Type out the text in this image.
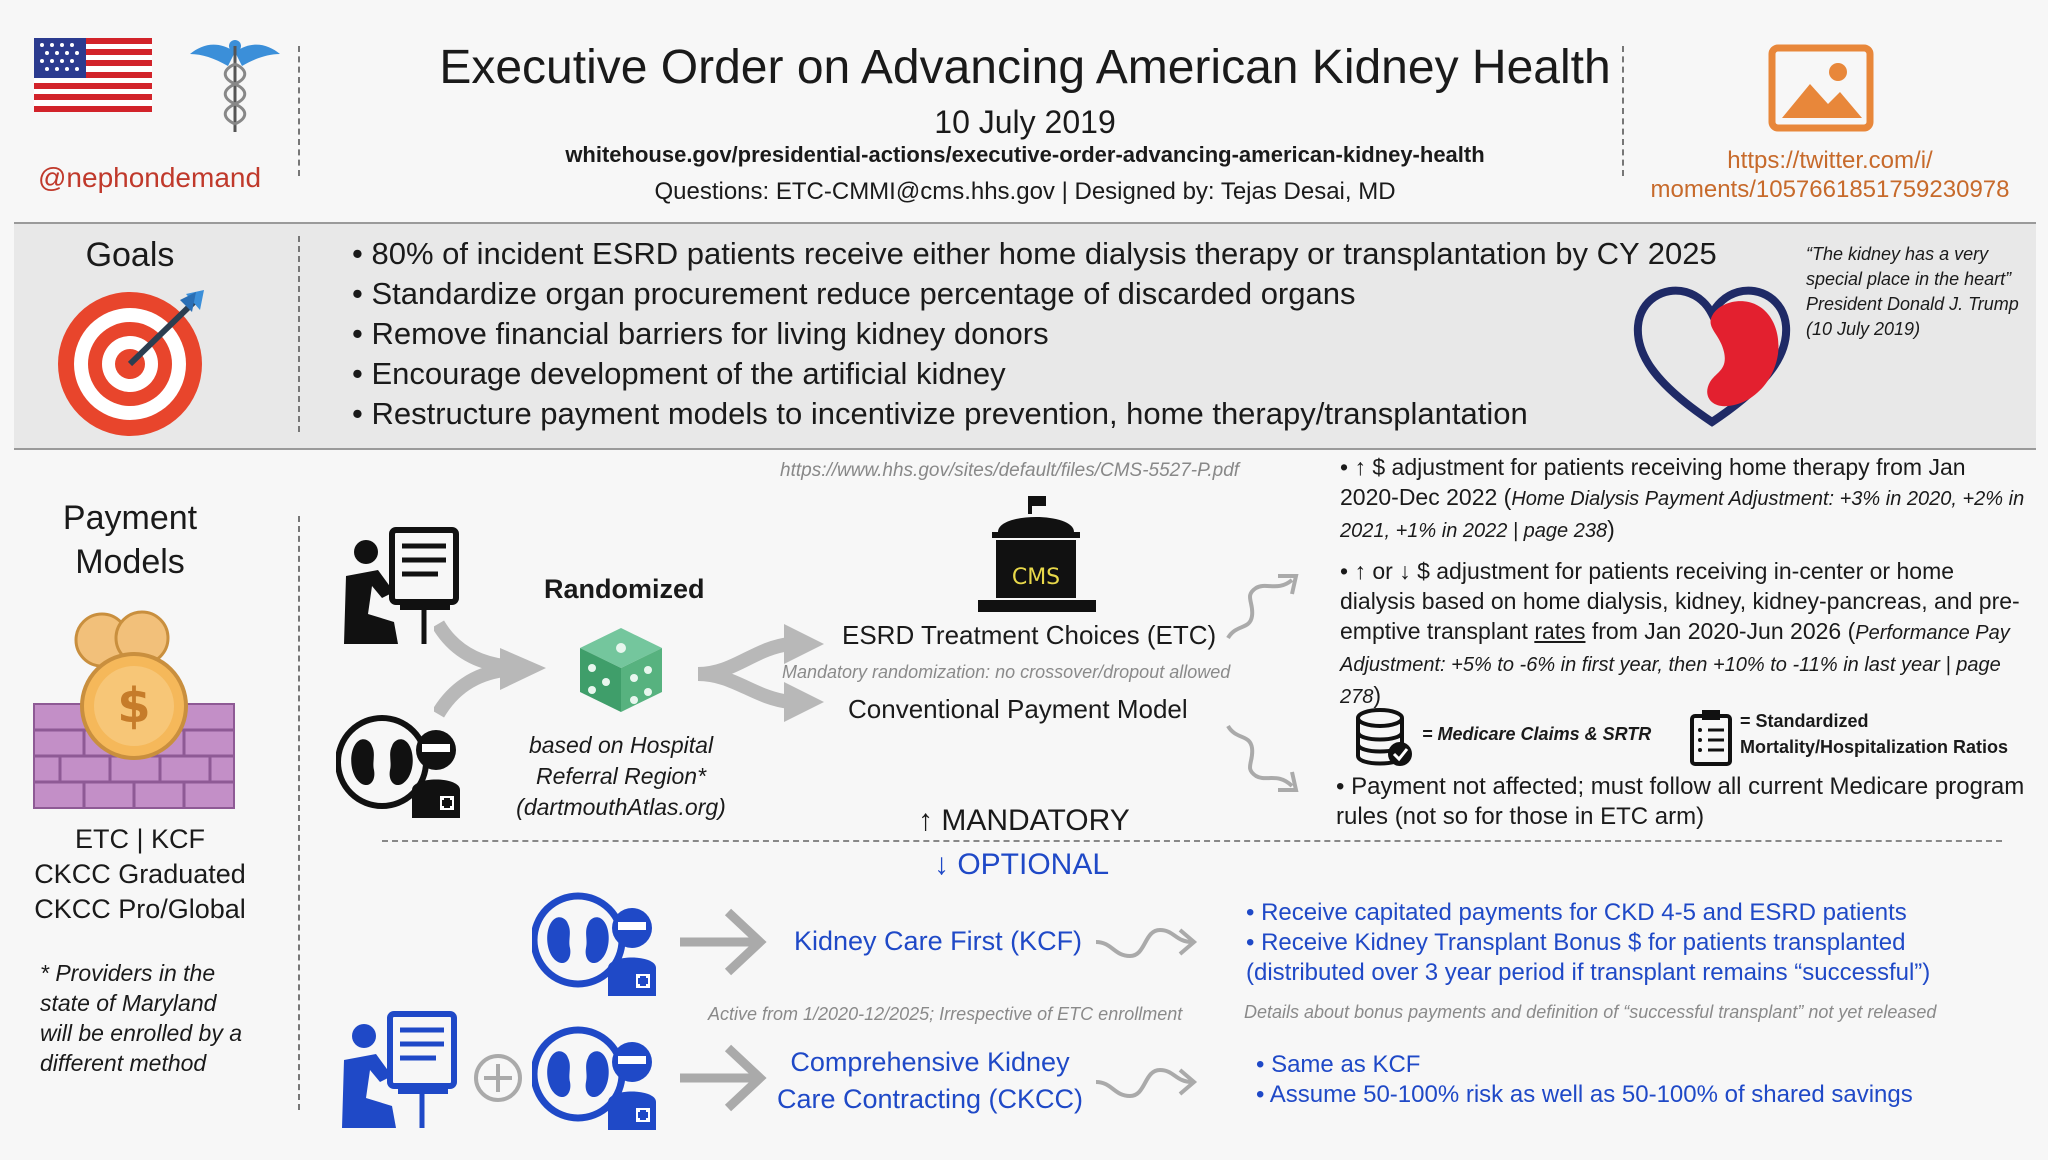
@nephondemand
Executive Order on Advancing American Kidney Health
10 July 2019
whitehouse.gov/presidential-actions/executive-order-advancing-american-kidney-health
Questions: ETC-CMMI@cms.hhs.gov | Designed by: Tejas Desai, MD
https://twitter.com/i/
moments/1057661851759230978
Goals
•	80% of incident ESRD patients receive either home dialysis therapy or transplantation by CY 2025
• Standardize organ procurement reduce percentage of discarded organs
• Remove financial barriers for living kidney donors
• Encourage development of the artificial kidney
• Restructure payment models to incentivize prevention, home therapy/transplantation
“The kidney has a very special place in the heart” President Donald J. Trump (10 July 2019)
Payment
Models
$
ETC | KCF
CKCC Graduated
CKCC Pro/Global
* Providers in the state of Maryland will be enrolled by a different method
https://www.hhs.gov/sites/default/files/CMS-5527-P.pdf
Randomized
based on Hospital
Referral Region*
(dartmouthAtlas.org)
CMS
ESRD Treatment Choices (ETC)
Mandatory randomization: no crossover/dropout allowed
Conventional Payment Model
• ↑ $ adjustment for patients receiving home therapy from Jan 2020-Dec 2022 (Home Dialysis Payment Adjustment: +3% in 2020, +2% in 2021, +1% in 2022 | page 238)
• ↑ or ↓ $ adjustment for patients receiving in-center or home dialysis based on home dialysis, kidney, kidney-pancreas, and pre-emptive transplant rates from Jan 2020-Jun 2026 (Performance Pay Adjustment: +5% to -6% in first year, then +10% to -11% in last year | page 278)
= Medicare Claims & SRTR
= Standardized
Mortality/Hospitalization Ratios
• Payment not affected; must follow all current Medicare program rules (not so for those in ETC arm)
↑ MANDATORY
↓ OPTIONAL
Kidney Care First (KCF)
• Receive capitated payments for CKD 4-5 and ESRD patients
• Receive Kidney Transplant Bonus $ for patients transplanted
(distributed over 3 year period if transplant remains “successful”)
Active from 1/2020-12/2025; Irrespective of ETC enrollment	Details about bonus payments and definition of “successful transplant” not yet released
Comprehensive Kidney
Care Contracting (CKCC)
• Same as KCF
• Assume 50-100% risk as well as 50-100% of shared savings
